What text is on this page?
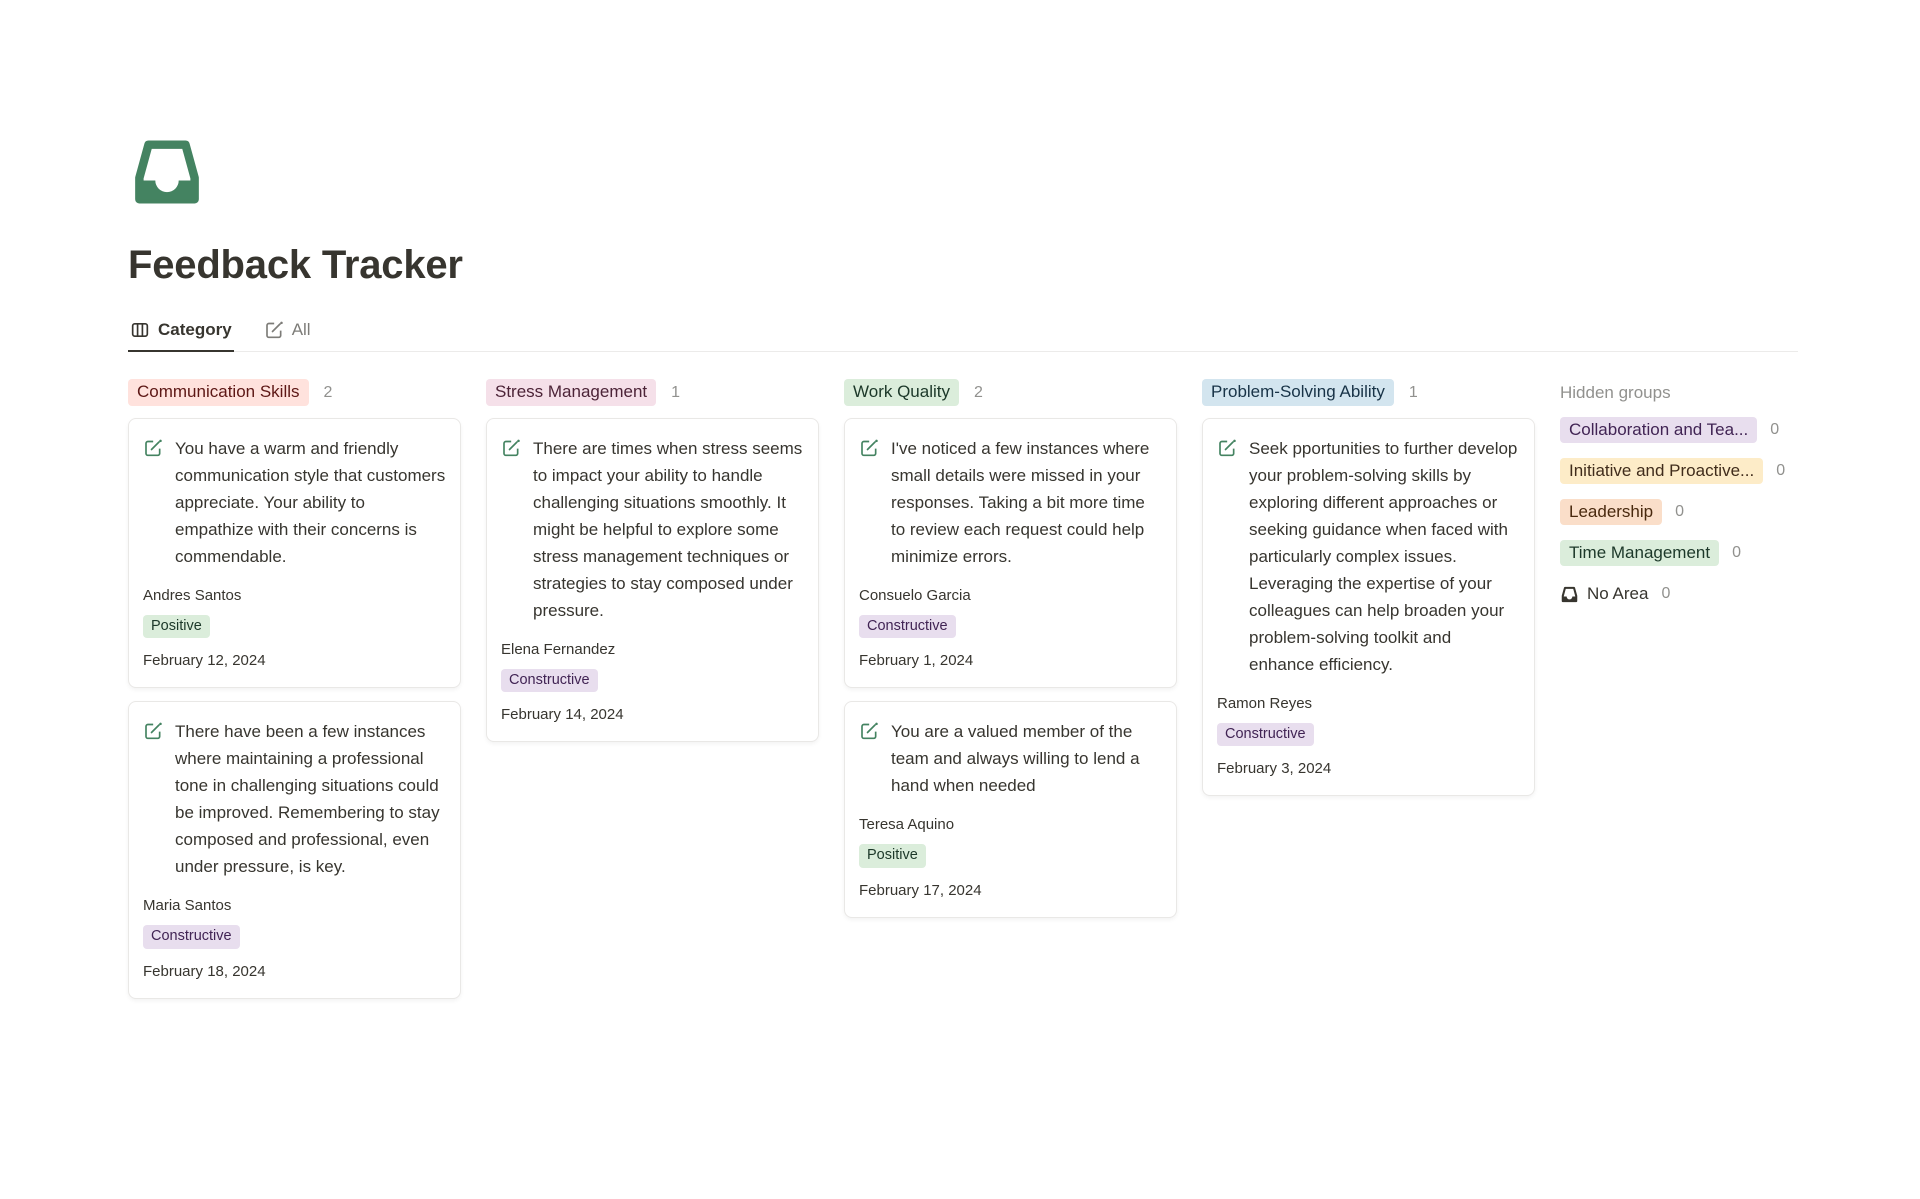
Feedback Tracker
Category	All
Communication Skills	2
You have a warm and friendly communication style that customers appreciate. Your ability to empathize with their concerns is commendable.
Andres Santos
Positive
February 12, 2024
There have been a few instances where maintaining a professional tone in challenging situations could be improved. Remembering to stay composed and professional, even under pressure, is key.
Maria Santos
Constructive
February 18, 2024
Stress Management	1
There are times when stress seems to impact your ability to handle challenging situations smoothly. It might be helpful to explore some stress management techniques or strategies to stay composed under pressure.
Elena Fernandez
Constructive
February 14, 2024
Work Quality	2
I've noticed a few instances where small details were missed in your responses. Taking a bit more time to review each request could help minimize errors.
Consuelo Garcia
Constructive
February 1, 2024
You are a valued member of the team and always willing to lend a hand when needed
Teresa Aquino
Positive
February 17, 2024
Problem-Solving Ability	1
Seek pportunities to further develop your problem-solving skills by exploring different approaches or seeking guidance when faced with particularly complex issues. Leveraging the expertise of your colleagues can help broaden your problem-solving toolkit and enhance efficiency.
Ramon Reyes
Constructive
February 3, 2024
Hidden groups
Collaboration and Tea...	0
Initiative and Proactive...	0
Leadership	0
Time Management	0
No Area 0
